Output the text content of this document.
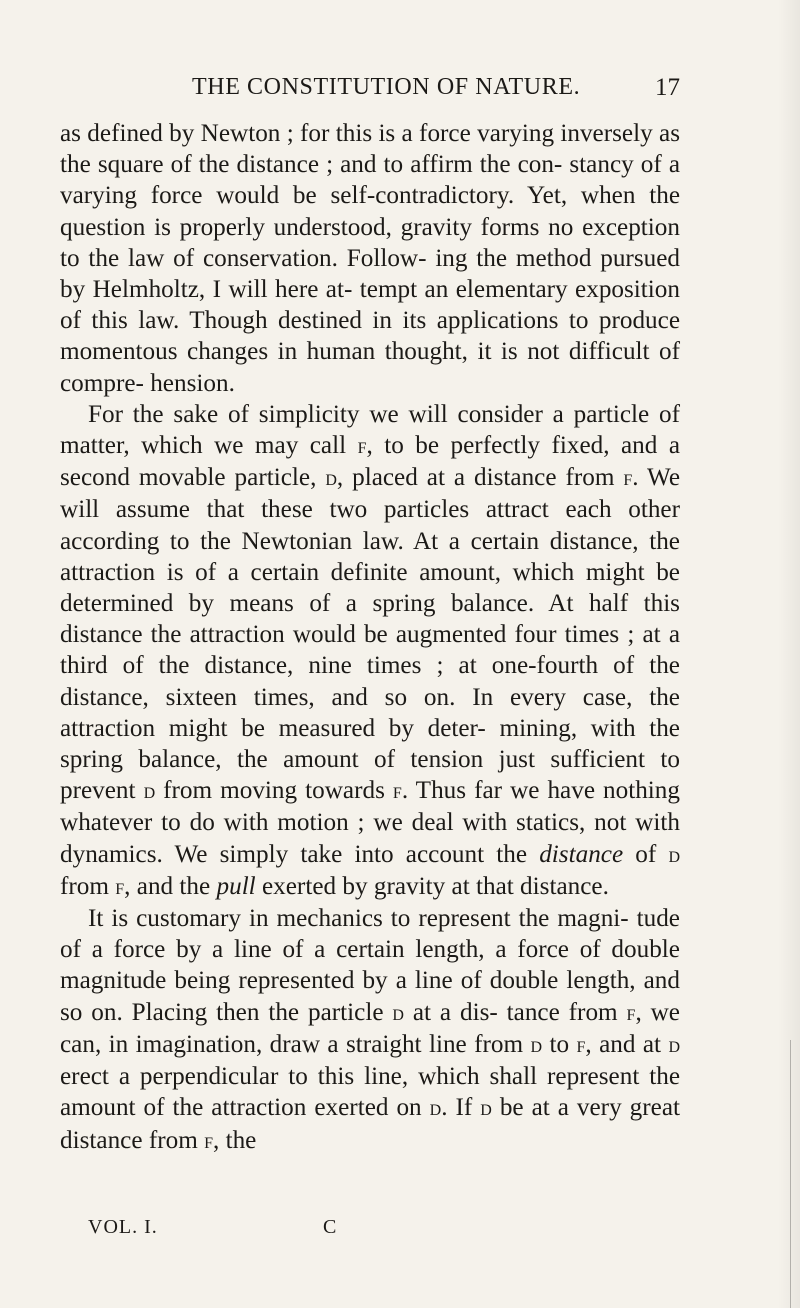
THE CONSTITUTION OF NATURE.	17

as defined by Newton ; for this is a force varying inversely as the square of the distance ; and to affirm the con- stancy of a varying force would be self-contradictory. Yet, when the question is properly understood, gravity forms no exception to the law of conservation. Follow- ing the method pursued by Helmholtz, I will here at- tempt an elementary exposition of this law. Though destined in its applications to produce momentous changes in human thought, it is not difficult of compre- hension.

For the sake of simplicity we will consider a particle of matter, which we may call f, to be perfectly fixed, and a second movable particle, d, placed at a distance from f. We will assume that these two particles attract each other according to the Newtonian law. At a certain distance, the attraction is of a certain definite amount, which might be determined by means of a spring balance. At half this distance the attraction would be augmented four times ; at a third of the distance, nine times ; at one-fourth of the distance, sixteen times, and so on. In every case, the attraction might be measured by deter- mining, with the spring balance, the amount of tension just sufficient to prevent d from moving towards f. Thus far we have nothing whatever to do with motion ; we deal with statics, not with dynamics. We simply take into account the distance of d from f, and the pull exerted by gravity at that distance.

It is customary in mechanics to represent the magni- tude of a force by a line of a certain length, a force of double magnitude being represented by a line of double length, and so on. Placing then the particle d at a dis- tance from f, we can, in imagination, draw a straight line from d to f, and at d erect a perpendicular to this line, which shall represent the amount of the attraction exerted on d. If d be at a very great distance from f, the

VOL. I.	C
